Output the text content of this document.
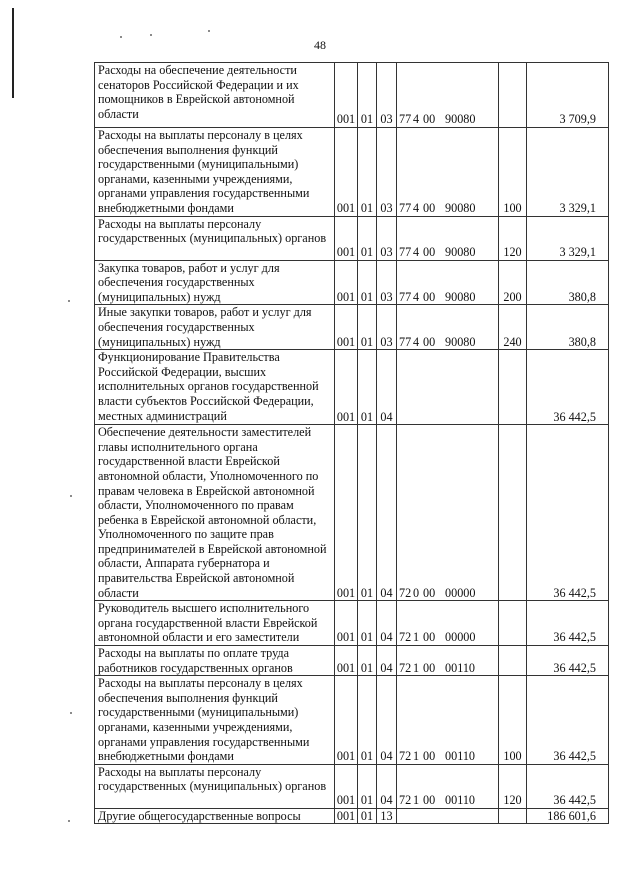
48
Расходы на обеспечение деятельности сенаторов Российской Федерации и их помощников в Еврейской автономной области	001	01	03	77 4 00 90080		3 709,9
Расходы на выплаты персоналу в целях обеспечения выполнения функций государственными (муниципальными) органами, казенными учреждениями, органами управления государственными внебюджетными фондами	001	01	03	77 4 00 90080	100	3 329,1
Расходы на выплаты персоналу государственных (муниципальных) органов	001	01	03	77 4 00 90080	120	3 329,1
Закупка товаров, работ и услуг для обеспечения государственных (муниципальных) нужд	001	01	03	77 4 00 90080	200	380,8
Иные закупки товаров, работ и услуг для обеспечения государственных (муниципальных) нужд	001	01	03	77 4 00 90080	240	380,8
Функционирование Правительства Российской Федерации, высших исполнительных органов государственной власти субъектов Российской Федерации, местных администраций	001	01	04			36 442,5
Обеспечение деятельности заместителей главы исполнительного органа государственной власти Еврейской автономной области, Уполномоченного по правам человека в Еврейской автономной области, Уполномоченного по правам ребенка в Еврейской автономной области, Уполномоченного по защите прав предпринимателей в Еврейской автономной области, Аппарата губернатора и правительства Еврейской автономной области	001	01	04	72 0 00 00000		36 442,5
Руководитель высшего исполнительного органа государственной власти Еврейской автономной области и его заместители	001	01	04	72 1 00 00000		36 442,5
Расходы на выплаты по оплате труда работников государственных органов	001	01	04	72 1 00 00110		36 442,5
Расходы на выплаты персоналу в целях обеспечения выполнения функций государственными (муниципальными) органами, казенными учреждениями, органами управления государственными внебюджетными фондами	001	01	04	72 1 00 00110	100	36 442,5
Расходы на выплаты персоналу государственных (муниципальных) органов	001	01	04	72 1 00 00110	120	36 442,5
Другие общегосударственные вопросы	001	01	13			186 601,6
